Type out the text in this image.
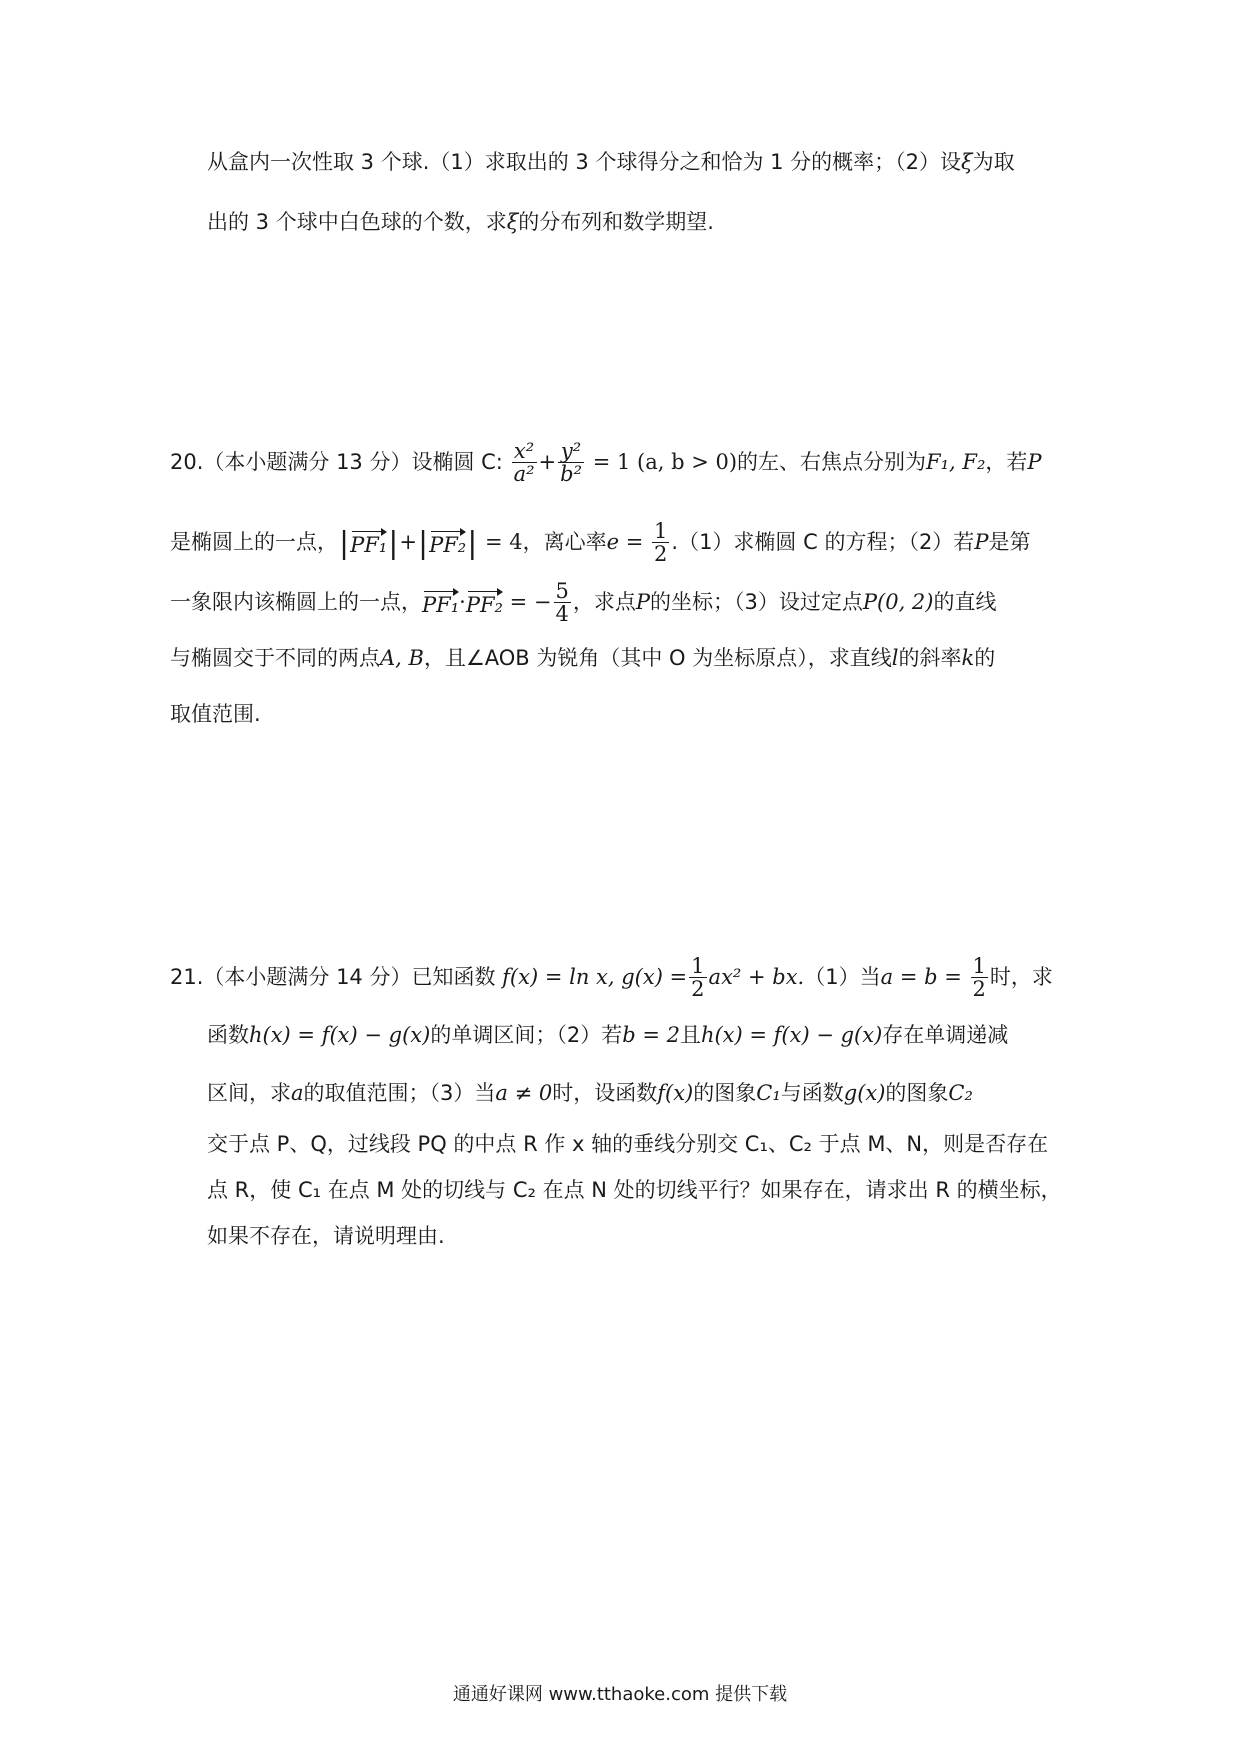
从盒内一次性取 3 个球.（1）求取出的 3 个球得分之和恰为 1 分的概率；（2）设ξ为取
出的 3 个球中白色球的个数，求ξ的分布列和数学期望.
20.（本小题满分 13 分）设椭圆 C: $\frac{\text{x²}}{\text{a²}} + \frac{\text{y²}}{\text{b²}} = 1$ (a, b > 0)的左、右焦点分别为F₁, F₂，若P
是椭圆上的一点，|PF₁|+|PF₂| = 4，离心率$e = \frac{1}{2} .(1)$求椭圆 C 的方程；（2）若P是第
一象限内该椭圆上的一点，PF₁·PF₂ = − $\frac{5}{4}$ ，求点P的坐标；（3）设过定点P(0, 2)的直线
与椭圆交于不同的两点A, B，且∠AOB 为锐角（其中 O 为坐标原点），求直线l的斜率k的
取值范围.
21.（本小题满分 14 分）已知函数 f(x) = ln x, $g(x) = \frac{1}{2} ax^2 + bx.(1)$当$a = b = \frac{1}{2}$ 时，求
函数h(x) = f(x) − g(x)的单调区间；（2）若b = 2且h(x) = f(x) − g(x)存在单调递减
区间，求a的取值范围；（3）当a ≠ 0时，设函数f(x)的图象C₁与函数g(x)的图象C₂
交于点 P、Q，过线段 PQ 的中点 R 作 x 轴的垂线分别交 C₁、C₂ 于点 M、N，则是否存在
点 R，使 C₁ 在点 M 处的切线与 C₂ 在点 N 处的切线平行？如果存在，请求出 R 的横坐标，
如果不存在，请说明理由.
通通好课网 www.tthaoke.com 提供下载
